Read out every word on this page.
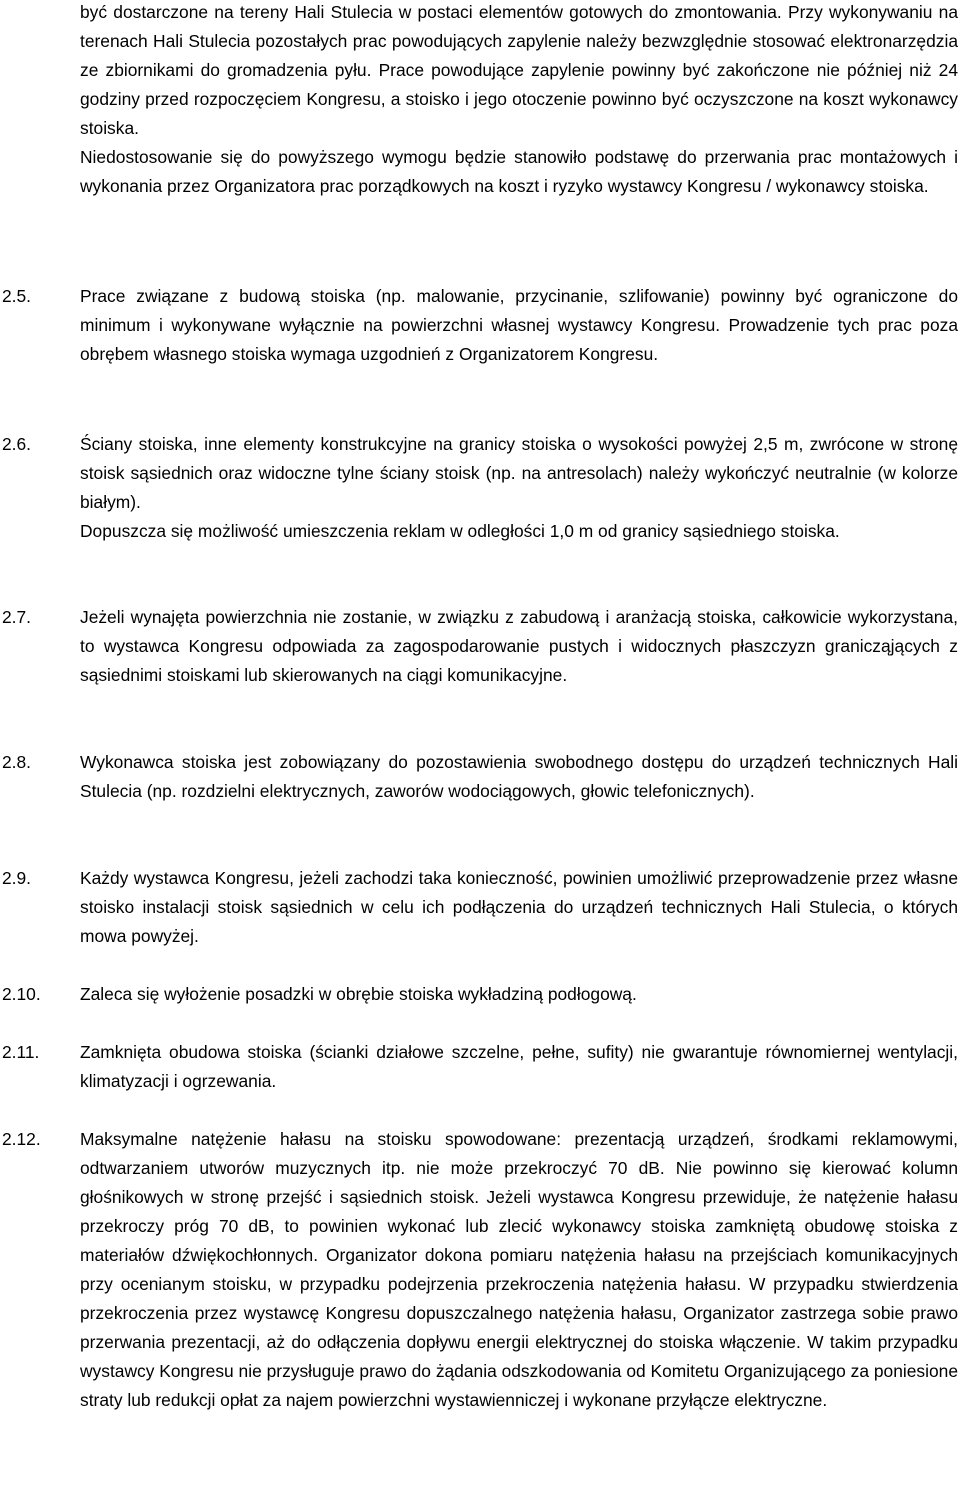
być dostarczone na tereny Hali Stulecia w postaci elementów gotowych do zmontowania. Przy wykonywaniu na terenach Hali Stulecia pozostałych prac powodujących zapylenie należy bezwzględnie stosować elektronarzędzia ze zbiornikami do gromadzenia pyłu. Prace powodujące zapylenie powinny być zakończone nie później niż 24 godziny przed rozpoczęciem Kongresu, a stoisko i jego otoczenie powinno być oczyszczone na koszt wykonawcy stoiska.

Niedostosowanie się do powyższego wymogu będzie stanowiło podstawę do przerwania prac montażowych i wykonania przez Organizatora prac porządkowych na koszt i ryzyko wystawcy Kongresu / wykonawcy stoiska.

2.5.	Prace związane z budową stoiska (np. malowanie, przycinanie, szlifowanie) powinny być ograniczone do minimum i wykonywane wyłącznie na powierzchni własnej wystawcy Kongresu. Prowadzenie tych prac poza obrębem własnego stoiska wymaga uzgodnień z Organizatorem Kongresu.

2.6.	Ściany stoiska, inne elementy konstrukcyjne na granicy stoiska o wysokości powyżej 2,5 m, zwrócone w stronę stoisk sąsiednich oraz widoczne tylne ściany stoisk (np. na antresolach) należy wykończyć neutralnie (w kolorze białym).

Dopuszcza się możliwość umieszczenia reklam w odległości 1,0 m od granicy sąsiedniego stoiska.

2.7.	Jeżeli wynajęta powierzchnia nie zostanie, w związku z zabudową i aranżacją stoiska, całkowicie wykorzystana, to wystawca Kongresu odpowiada za zagospodarowanie pustych i widocznych płaszczyzn granicząjących z sąsiednimi stoiskami lub skierowanych na ciągi komunikacyjne.

2.8.	Wykonawca stoiska jest zobowiązany do pozostawienia swobodnego dostępu do urządzeń technicznych Hali Stulecia (np. rozdzielni elektrycznych, zaworów wodociągowych, głowic telefonicznych).

2.9.	Każdy wystawca Kongresu, jeżeli zachodzi taka konieczność, powinien umożliwić przeprowadzenie przez własne stoisko instalacji stoisk sąsiednich w celu ich podłączenia do urządzeń technicznych Hali Stulecia, o których mowa powyżej.

2.10.	Zaleca się wyłożenie posadzki w obrębie stoiska wykładziną podłogową.

2.11.	Zamknięta obudowa stoiska (ścianki działowe szczelne, pełne, sufity) nie gwarantuje równomiernej wentylacji, klimatyzacji i ogrzewania.

2.12.	Maksymalne natężenie hałasu na stoisku spowodowane: prezentacją urządzeń, środkami reklamowymi, odtwarzaniem utworów muzycznych itp. nie może przekroczyć 70 dB. Nie powinno się kierować kolumn głośnikowych w stronę przejść i sąsiednich stoisk. Jeżeli wystawca Kongresu przewiduje, że natężenie hałasu przekroczy próg 70 dB, to powinien wykonać lub zlecić wykonawcy stoiska zamkniętą obudowę stoiska z materiałów dźwiękochłonnych. Organizator dokona pomiaru natężenia hałasu na przejściach komunikacyjnych przy ocenianym stoisku, w przypadku podejrzenia przekroczenia natężenia hałasu. W przypadku stwierdzenia przekroczenia przez wystawcę Kongresu dopuszczalnego natężenia hałasu, Organizator zastrzega sobie prawo przerwania prezentacji, aż do odłączenia dopływu energii elektrycznej do stoiska włączenie. W takim przypadku wystawcy Kongresu nie przysługuje prawo do żądania odszkodowania od Komitetu Organizującego za poniesione straty lub redukcji opłat za najem powierzchni wystawienniczej i wykonane przyłącze elektryczne.
